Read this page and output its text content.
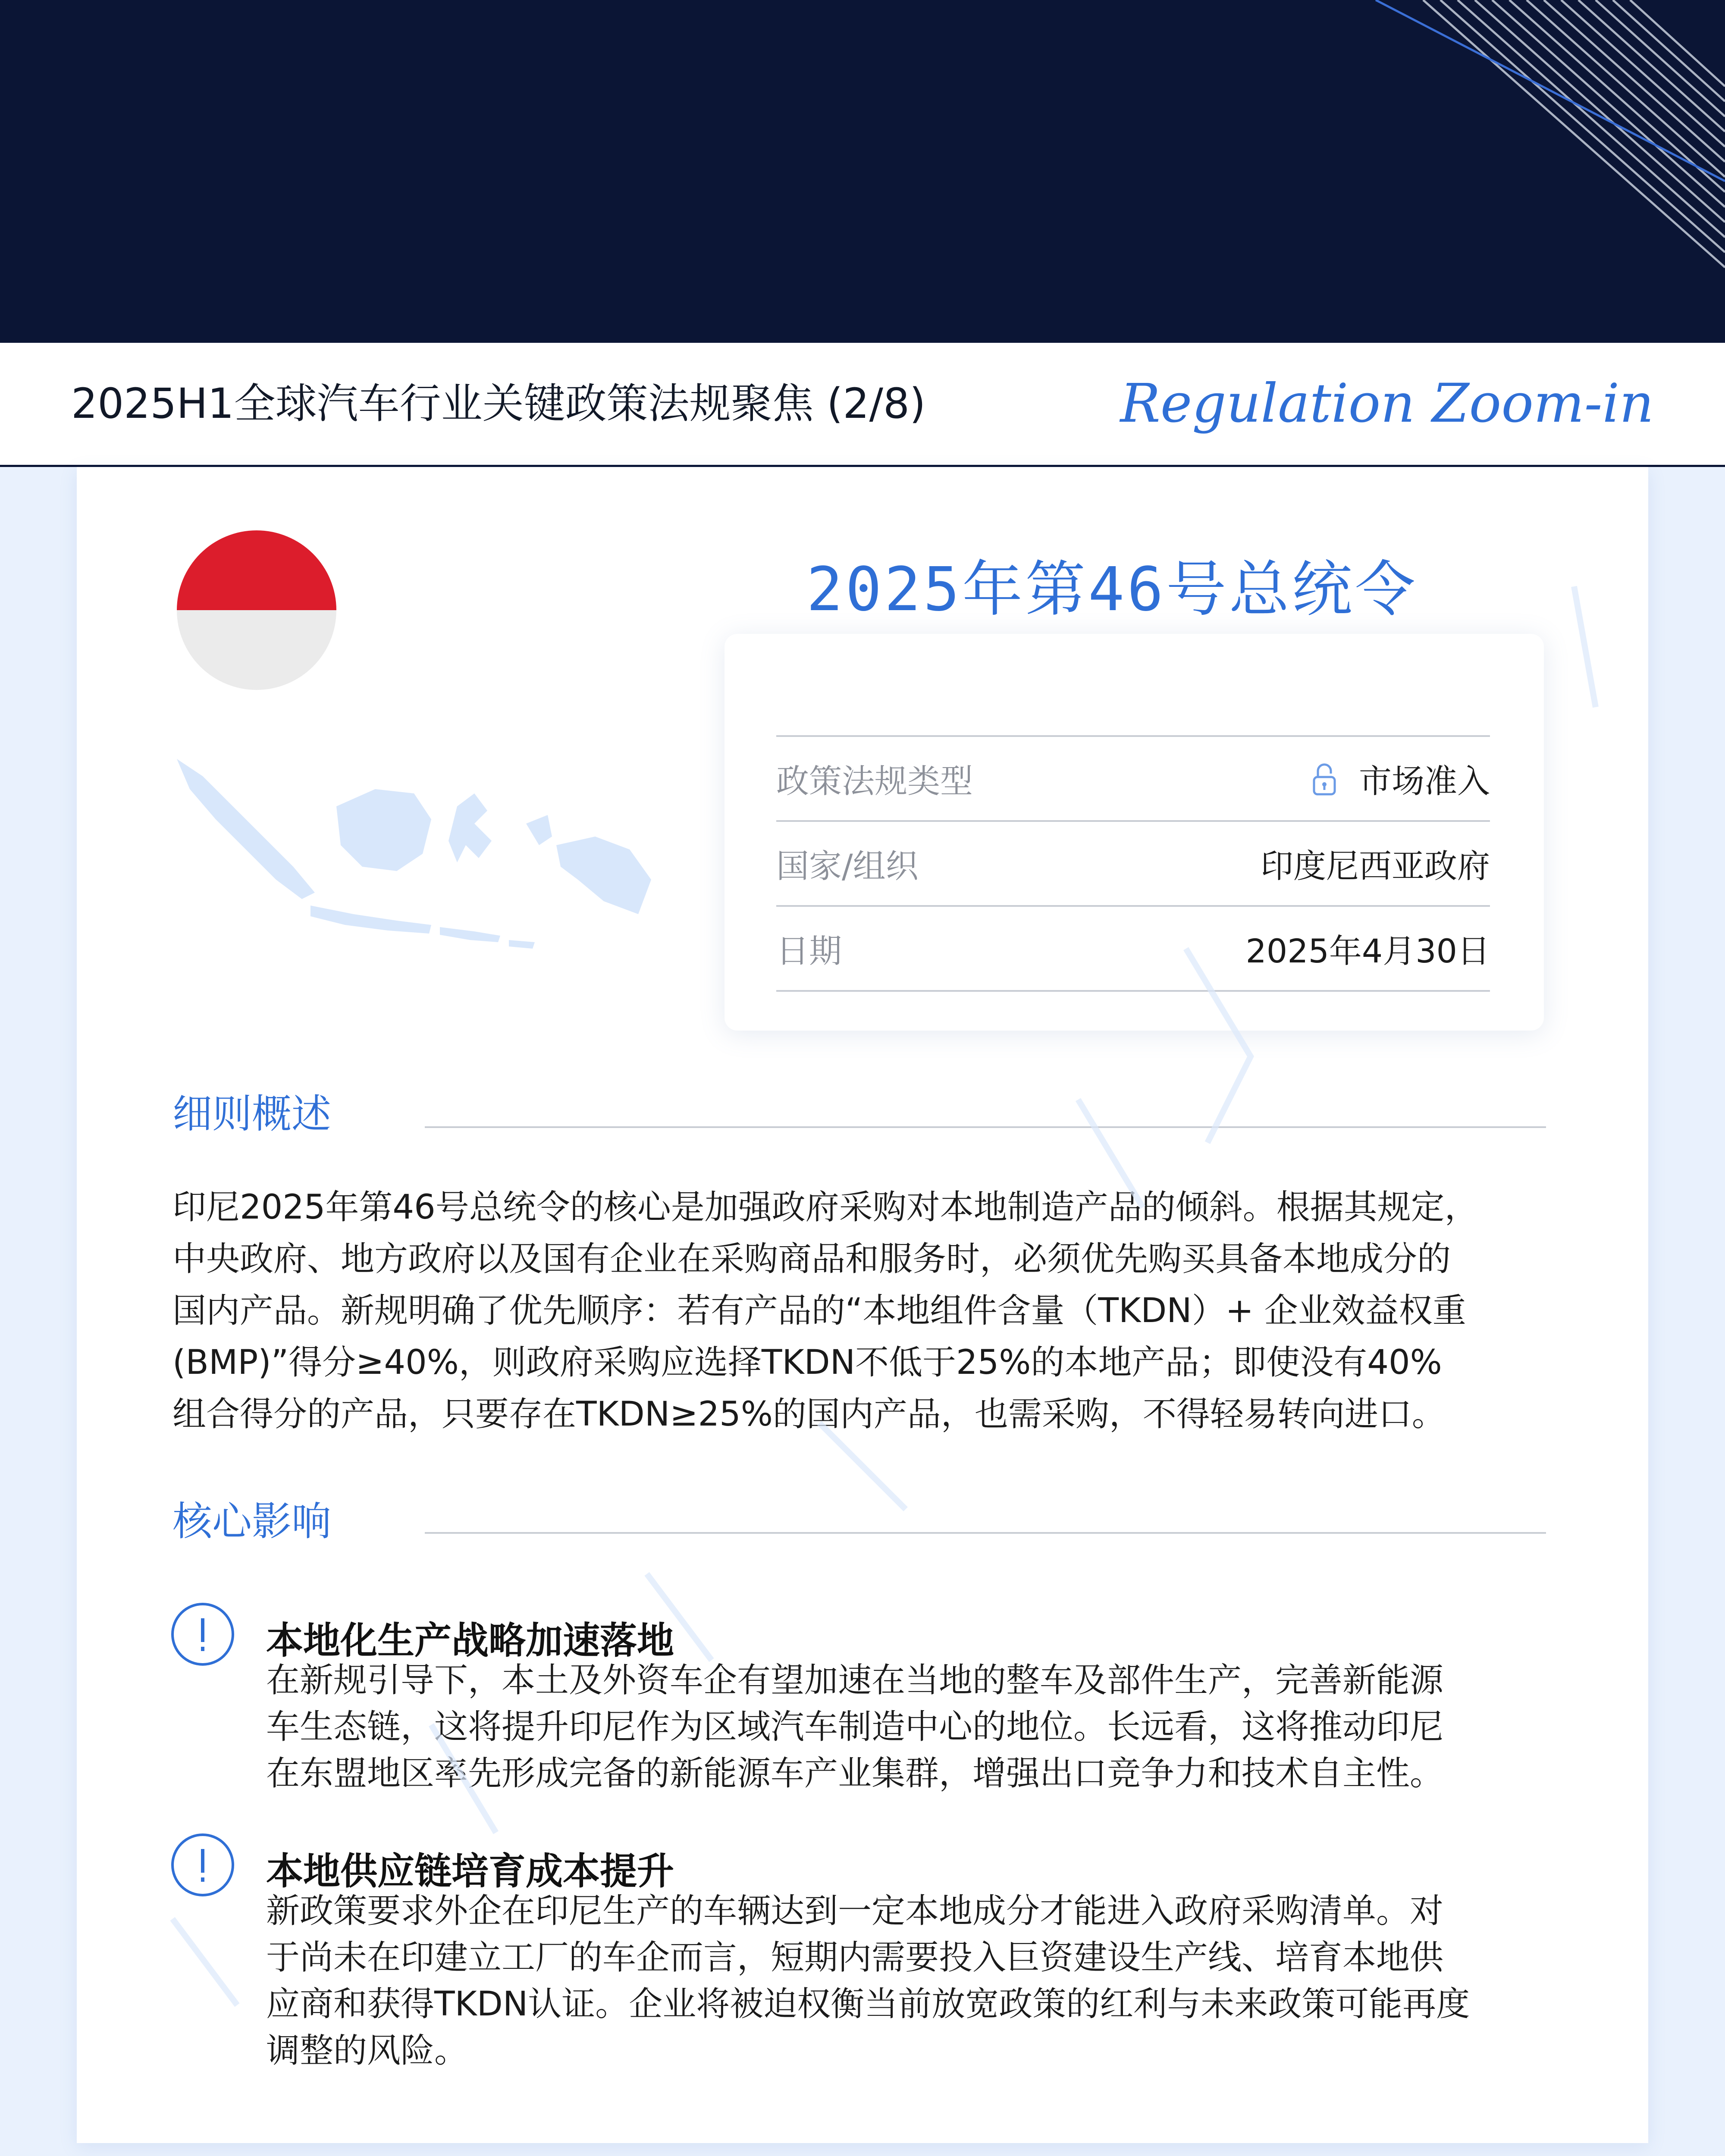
2025H1全球汽车行业关键政策法规聚焦 (2/8)	Regulation Zoom-in
2025年第46号总统令
政策法规类型	市场准入
国家/组织	印度尼西亚政府
日期	2025年4月30日
细则概述
印尼2025年第46号总统令的核心是加强政府采购对本地制造产品的倾斜。根据其规定，
中央政府、地方政府以及国有企业在采购商品和服务时，必须优先购买具备本地成分的
国内产品。新规明确了优先顺序：若有产品的“本地组件含量（TKDN）+ 企业效益权重
(BMP)”得分≥40%，则政府采购应选择TKDN不低于25%的本地产品；即使没有40%
组合得分的产品，只要存在TKDN≥25%的国内产品，也需采购，不得轻易转向进口。
核心影响
本地化生产战略加速落地
在新规引导下，本土及外资车企有望加速在当地的整车及部件生产，完善新能源
车生态链，这将提升印尼作为区域汽车制造中心的地位。长远看，这将推动印尼
在东盟地区率先形成完备的新能源车产业集群，增强出口竞争力和技术自主性。
本地供应链培育成本提升
新政策要求外企在印尼生产的车辆达到一定本地成分才能进入政府采购清单。对
于尚未在印建立工厂的车企而言，短期内需要投入巨资建设生产线、培育本地供
应商和获得TKDN认证。企业将被迫权衡当前放宽政策的红利与未来政策可能再度
调整的风险。
